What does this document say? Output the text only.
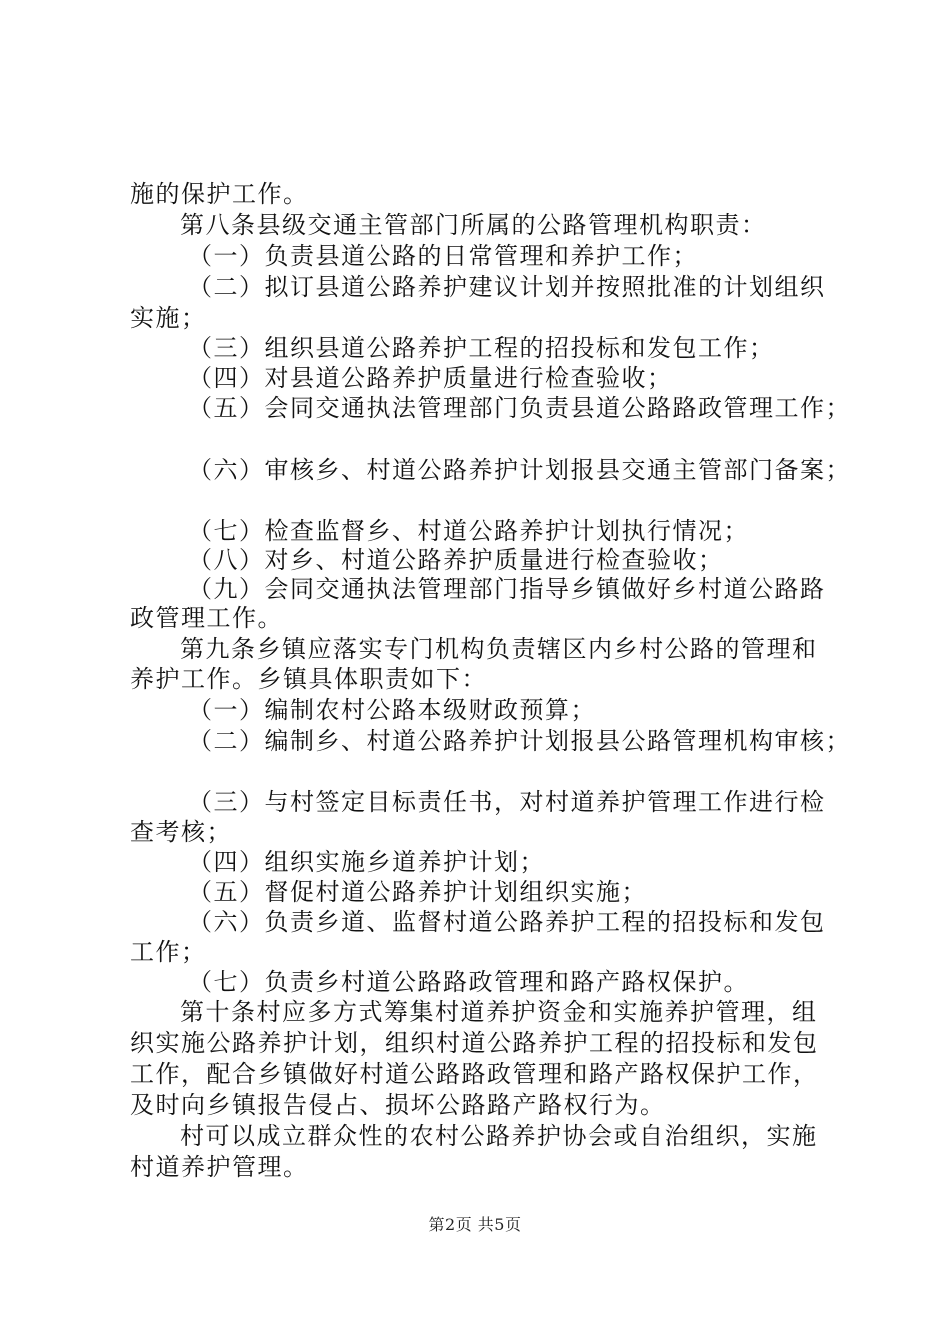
施的保护工作。
第八条县级交通主管部门所属的公路管理机构职责：
（一）负责县道公路的日常管理和养护工作；
（二）拟订县道公路养护建议计划并按照批准的计划组织
实施；
（三）组织县道公路养护工程的招投标和发包工作；
（四）对县道公路养护质量进行检查验收；
（五）会同交通执法管理部门负责县道公路路政管理工作；
（六）审核乡、村道公路养护计划报县交通主管部门备案；
（七）检查监督乡、村道公路养护计划执行情况；
（八）对乡、村道公路养护质量进行检查验收；
（九）会同交通执法管理部门指导乡镇做好乡村道公路路
政管理工作。
第九条乡镇应落实专门机构负责辖区内乡村公路的管理和
养护工作。乡镇具体职责如下：
（一）编制农村公路本级财政预算；
（二）编制乡、村道公路养护计划报县公路管理机构审核；
（三）与村签定目标责任书，对村道养护管理工作进行检
查考核；
（四）组织实施乡道养护计划；
（五）督促村道公路养护计划组织实施；
（六）负责乡道、监督村道公路养护工程的招投标和发包
工作；
（七）负责乡村道公路路政管理和路产路权保护。
第十条村应多方式筹集村道养护资金和实施养护管理，组
织实施公路养护计划，组织村道公路养护工程的招投标和发包
工作，配合乡镇做好村道公路路政管理和路产路权保护工作，
及时向乡镇报告侵占、损坏公路路产路权行为。
村可以成立群众性的农村公路养护协会或自治组织，实施
村道养护管理。
第2页 共5页
